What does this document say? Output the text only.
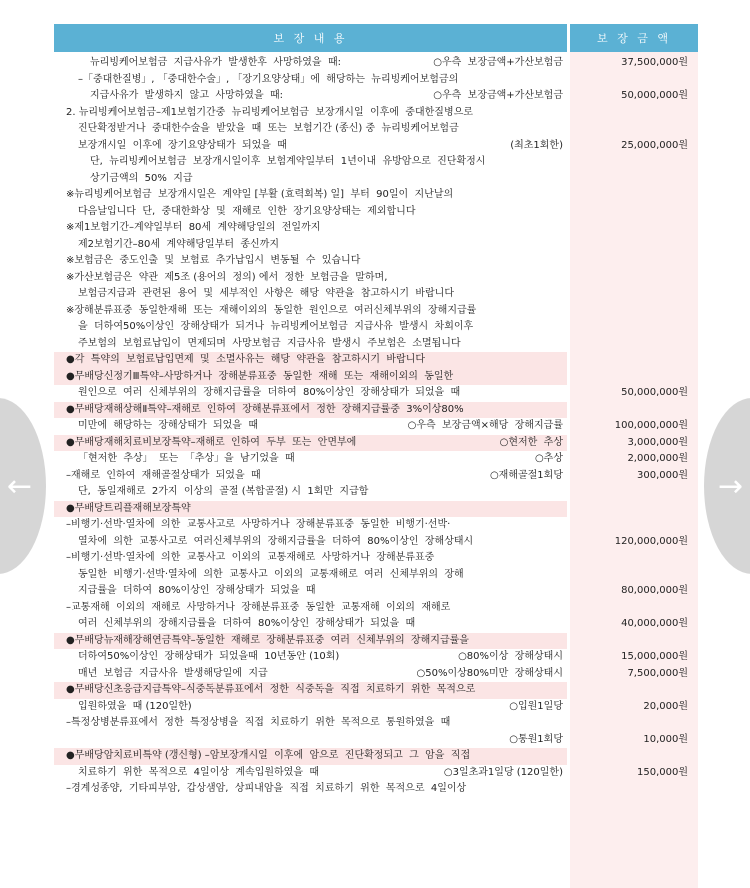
보 장 내 용	보 장 금 액
뉴리빙케어보험금  지급사유가  발생한후  사망하였을  때:	○우측  보장금액+가산보험금	37,500,000원
–「중대한질병」, 「중대한수술」, 「장기요양상태」에  해당하는  뉴리빙케어보험금의
지급사유가  발생하지  않고  사망하였을  때:	○우측  보장금액+가산보험금	50,000,000원
2. 뉴리빙케어보험금–제1보험기간중  뉴리빙케어보험금  보장개시일  이후에  중대한질병으로
진단확정받거나  중대한수술을  받았을  때  또는  보험기간 (종신) 중  뉴리빙케어보험금
보장개시일  이후에  장기요양상태가  되었을  때	(최초1회한)	25,000,000원
단,  뉴리빙케어보험금  보장개시일이후  보험계약일부터  1년이내  유방암으로  진단확정시
상기금액의  50%  지급
※뉴리빙케어보험금  보장개시일은  계약일 [부활 (효력회복) 일]  부터  90일이  지난날의
다음날입니다  단,  중대한화상  및  재해로  인한  장기요양상태는  제외합니다
※제1보험기간–계약일부터  80세  계약해당일의  전일까지
제2보험기간–80세  계약해당일부터  종신까지
※보험금은  중도인출  및  보험료  추가납입시  변동될  수  있습니다
※가산보험금은  약관  제5조 (용어의  정의) 에서  정한  보험금을  말하며,
보험금지급과  관련된  용어  및  세부적인  사항은  해당  약관을  참고하시기  바랍니다
※장해분류표중  동일한재해  또는  재해이외의  동일한  원인으로  여러신체부위의  장해지급률
을  더하여50%이상인  장해상태가  되거나  뉴리빙케어보험금  지급사유  발생시  차회이후
주보험의  보험료납입이  면제되며  사망보험금  지급사유  발생시  주보험은  소멸됩니다
●각  특약의  보험료납입면제  및  소멸사유는  해당  약관을  참고하시기  바랍니다
●무배당신정기Ⅲ특약–사망하거나  장해분류표중  동일한  재해  또는  재해이외의  동일한
원인으로  여러  신체부위의  장해지급률을  더하여  80%이상인  장해상태가  되었을  때	50,000,000원
●무배당재해상해Ⅱ특약–재해로  인하여  장해분류표에서  정한  장해지급률중  3%이상80%
미만에  해당하는  장해상태가  되었을  때	○우측  보장금액×해당  장해지급률	100,000,000원
●무배당재해치료비보장특약–재해로  인하여  두부  또는  안면부에	○현저한  추상	3,000,000원
「현저한  추상」  또는  「추상」을  남기었을  때	○추상	2,000,000원
–재해로  인하여  재해골절상태가  되었을  때	○재해골절1회당	300,000원
단,  동일재해로  2가지  이상의  골절 (복합골절) 시  1회만  지급함
●무배당트리플재해보장특약
–비행기·선박·열차에  의한  교통사고로  사망하거나  장해분류표중  동일한  비행기·선박·
열차에  의한  교통사고로  여러신체부위의  장해지급률을  더하여  80%이상인  장해상태시	120,000,000원
–비행기·선박·열차에  의한  교통사고  이외의  교통재해로  사망하거나  장해분류표중
동일한  비행기·선박·열차에  의한  교통사고  이외의  교통재해로  여러  신체부위의  장해
지급률을  더하여  80%이상인  장해상태가  되었을  때	80,000,000원
–교통재해  이외의  재해로  사망하거나  장해분류표중  동일한  교통재해  이외의  재해로
여러  신체부위의  장해지급률을  더하여  80%이상인  장해상태가  되었을  때	40,000,000원
●무배당뉴재해장해연금특약–동일한  재해로  장해분류표중  여러  신체부위의  장해지급률을
더하여50%이상인  장해상태가  되었을때  10년동안 (10회)	○80%이상  장해상태시	15,000,000원
매년  보험금  지급사유  발생해당일에  지급	○50%이상80%미만  장해상태시	7,500,000원
●무배당신초응급지급특약–식중독분류표에서  정한  식중독을  직접  치료하기  위한  목적으로
입원하였을  때 (120일한)	○입원1일당	20,000원
–특정상병분류표에서  정한  특정상병을  직접  치료하기  위한  목적으로  통원하였을  때
○통원1회당	10,000원
●무배당암치료비특약 (갱신형) –암보장개시일  이후에  암으로  진단확정되고  그  암을  직접
치료하기  위한  목적으로  4일이상  계속입원하였을  때	○3일초과1일당 (120일한)	150,000원
–경계성종양,  기타피부암,  갑상샘암,  상피내암을  직접  치료하기  위한  목적으로  4일이상
←	→
